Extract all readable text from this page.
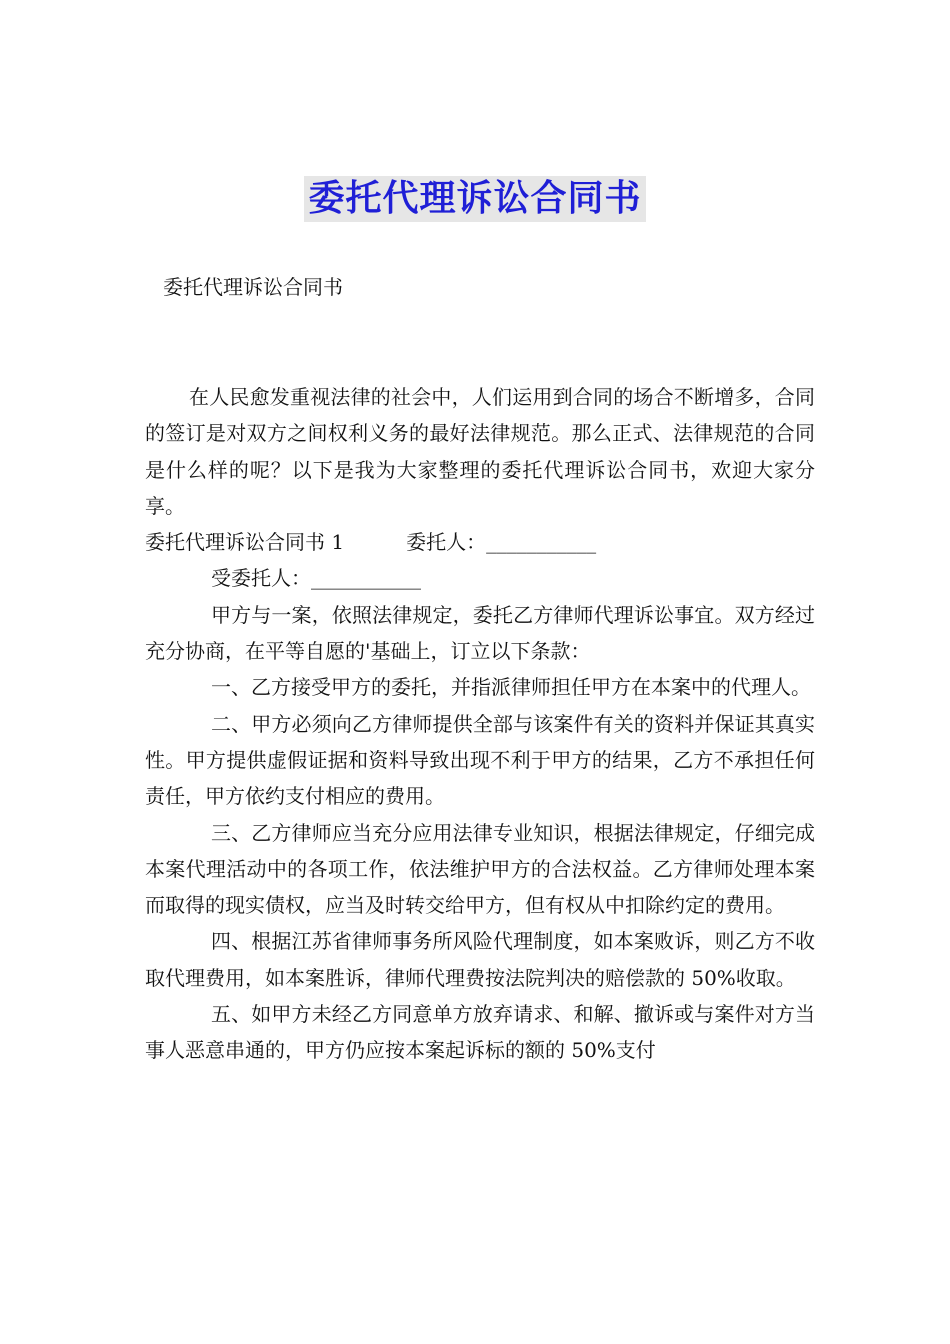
委托代理诉讼合同书

委托代理诉讼合同书

在人民愈发重视法律的社会中，人们运用到合同的场合不断增多，合同的签订是对双方之间权利义务的最好法律规范。那么正式、法律规范的合同是什么样的呢？以下是我为大家整理的委托代理诉讼合同书，欢迎大家分享。

委托代理诉讼合同书 1	委托人： ___________
受委托人： ___________

甲方与一案，依照法律规定，委托乙方律师代理诉讼事宜。双方经过充分协商，在平等自愿的'基础上，订立以下条款：

一、乙方接受甲方的委托，并指派律师担任甲方在本案中的代理人。

二、甲方必须向乙方律师提供全部与该案件有关的资料并保证其真实性。甲方提供虚假证据和资料导致出现不利于甲方的结果，乙方不承担任何责任，甲方依约支付相应的费用。

三、乙方律师应当充分应用法律专业知识，根据法律规定，仔细完成本案代理活动中的各项工作，依法维护甲方的合法权益。乙方律师处理本案而取得的现实债权，应当及时转交给甲方，但有权从中扣除约定的费用。

四、根据江苏省律师事务所风险代理制度，如本案败诉，则乙方不收取代理费用，如本案胜诉，律师代理费按法院判决的赔偿款的 50%收取。

五、如甲方未经乙方同意单方放弃请求、和解、撤诉或与案件对方当事人恶意串通的，甲方仍应按本案起诉标的额的 50%支付
